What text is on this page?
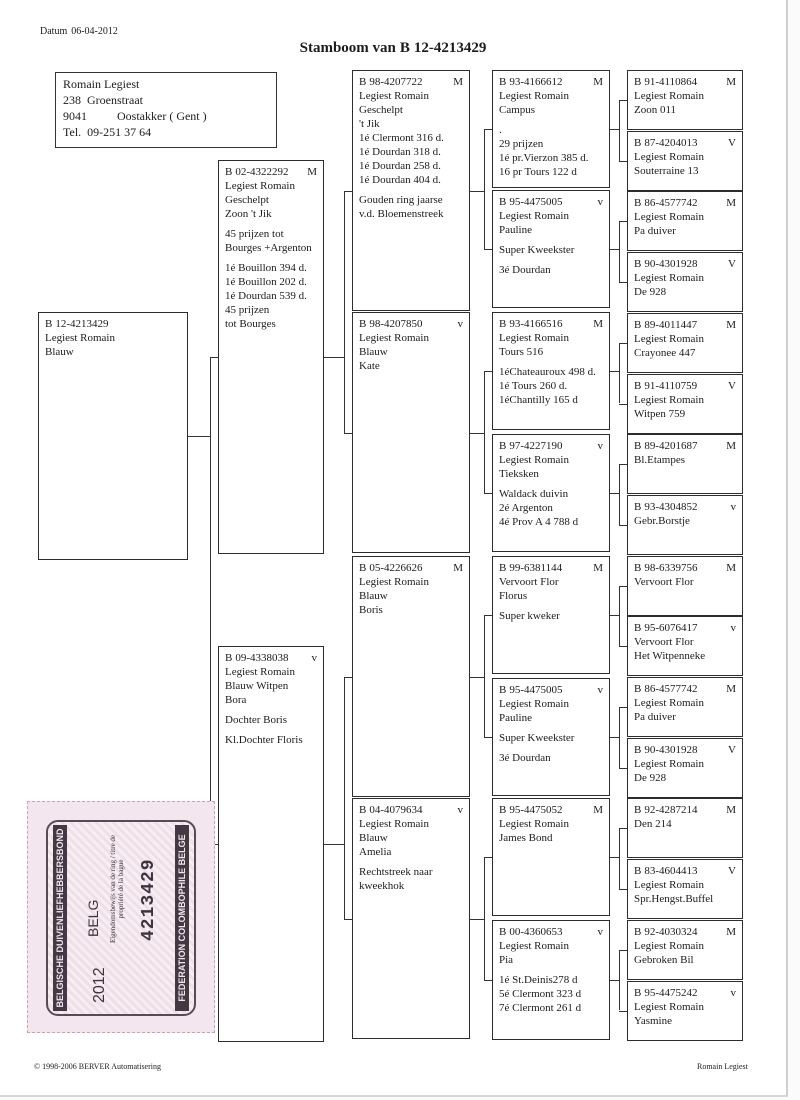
Datum 06-04-2012
Stamboom van B 12-4213429
Romain Legiest
238  Groenstraat
9041	Oostakker ( Gent )
Tel.  09-251 37 64
B 12-4213429
Legiest Romain
Blauw
B 02-4322292 M
Legiest Romain
Geschelpt
Zoon 't Jik
45 prijzen tot
Bourges +Argenton
1é Bouillon 394 d.
1é Bouillon 202 d.
1é Dourdan 539 d.
45 prijzen
tot Bourges
B 09-4338038 v
Legiest Romain
Blauw Witpen
Bora
Dochter Boris
Kl.Dochter Floris
B 98-4207722	M
Legiest Romain
Geschelpt
't Jik
1é Clermont 316 d.
1é Dourdan 318 d.
1é Dourdan 258 d.
1é Dourdan 404 d.
Gouden ring jaarse
v.d. Bloemenstreek
B 98-4207850	v
Legiest Romain
Blauw
Kate
B 05-4226626	M
Legiest Romain
Blauw
Boris
B 04-4079634	v
Legiest Romain
Blauw
Amelia
Rechtstreek naar
kweekhok
B 93-4166612	M
Legiest Romain
Campus
.
29 prijzen
1é pr.Vierzon 385 d.
16 pr Tours 122 d
B 95-4475005	v
Legiest Romain
Pauline
Super Kweekster
3é Dourdan
B 93-4166516	M
Legiest Romain
Tours 516
1éChateauroux 498 d.
1é Tours 260 d.
1éChantilly 165 d
B 97-4227190	v
Legiest Romain
Tieksken
Waldack duivin
2é Argenton
4é Prov A 4 788 d
B 99-6381144	M
Vervoort Flor
Florus
Super kweker
B 95-4475005	v
Legiest Romain
Pauline
Super Kweekster
3é Dourdan
B 95-4475052	M
Legiest Romain
James Bond
B 00-4360653	v
Legiest Romain
Pia
1é St.Deinis278 d
5é Clermont 323 d
7é Clermont 261 d
B 91-4110864	M
Legiest Romain
Zoon 011
B 87-4204013	V
Legiest Romain
Souterraine 13
B 86-4577742	M
Legiest Romain
Pa duiver
B 90-4301928	V
Legiest Romain
De 928
B 89-4011447	M
Legiest Romain
Crayonee 447
B 91-4110759	V
Legiest Romain
Witpen 759
B 89-4201687	M
Bl.Etampes
B 93-4304852	v
Gebr.Borstje
B 98-6339756	M
Vervoort Flor
B 95-6076417	v
Vervoort Flor
Het Witpenneke
B 86-4577742	M
Legiest Romain
Pa duiver
B 90-4301928	V
Legiest Romain
De 928
B 92-4287214	M
Den 214
B 83-4604413	V
Legiest Romain
Spr.Hengst.Buffel
B 92-4030324	M
Legiest Romain
Gebroken Bil
B 95-4475242	v
Legiest Romain
Yasmine
© 1998-2006 BERVER Automatisering	Romain Legiest
BELGISCHE DUIVENLIEFHEBBERSBOND 2012
BELG Eigendomsbewijs van de ring / titre de propriété de la bague 4213429 FEDERATION COLOMBOPHILE BELGE
